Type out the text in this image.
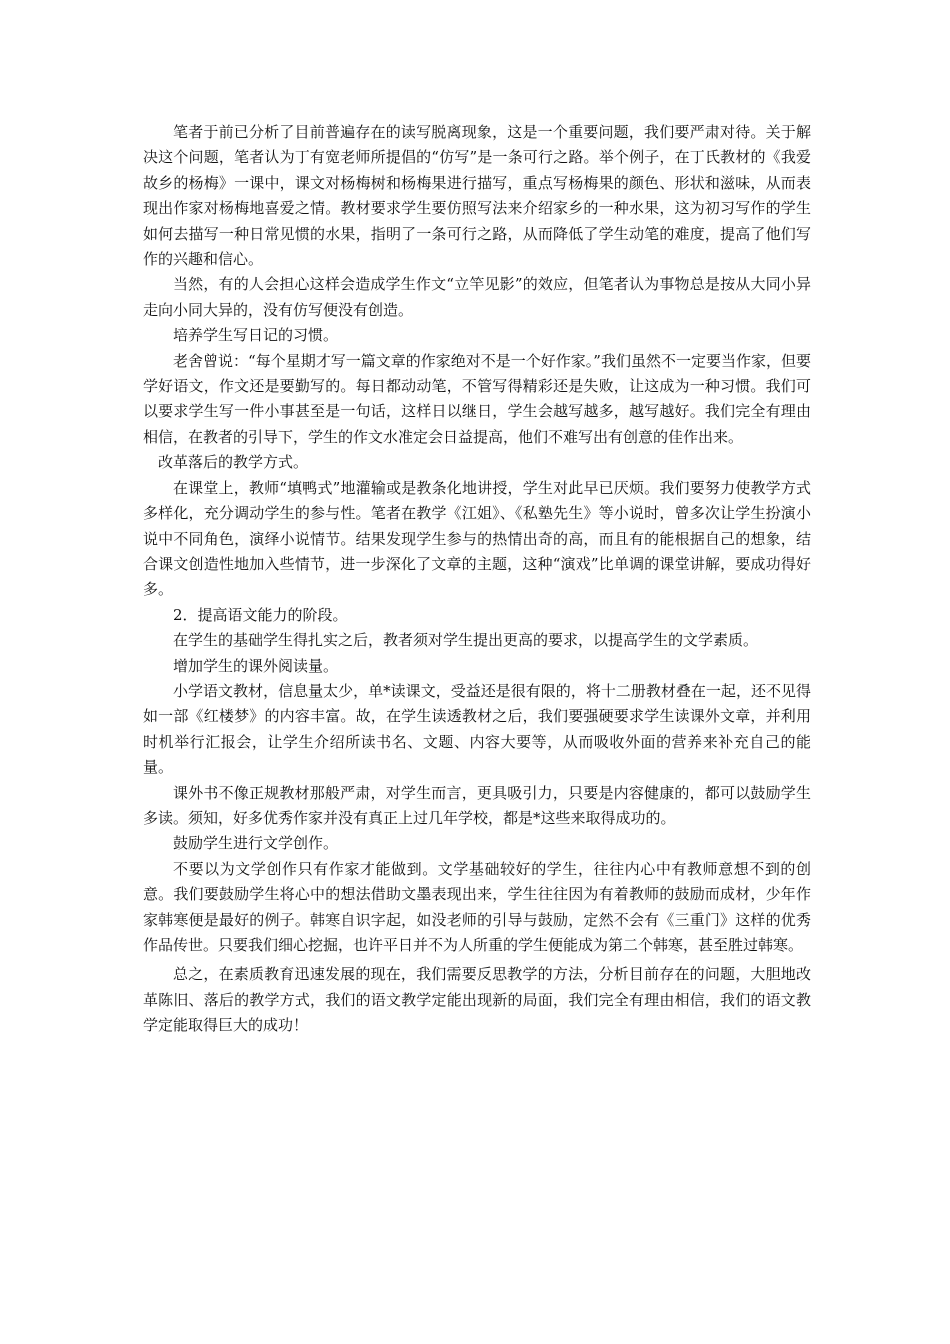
笔者于前已分析了目前普遍存在的读写脱离现象，这是一个重要问题，我们要严肃对待。关于解决这个问题，笔者认为丁有宽老师所提倡的“仿写”是一条可行之路。举个例子，在丁氏教材的《我爱故乡的杨梅》一课中，课文对杨梅树和杨梅果进行描写，重点写杨梅果的颜色、形状和滋味，从而表现出作家对杨梅地喜爱之情。教材要求学生要仿照写法来介绍家乡的一种水果，这为初习写作的学生如何去描写一种日常见惯的水果，指明了一条可行之路，从而降低了学生动笔的难度，提高了他们写作的兴趣和信心。

当然，有的人会担心这样会造成学生作文“立竿见影”的效应，但笔者认为事物总是按从大同小异走向小同大异的，没有仿写便没有创造。

培养学生写日记的习惯。

老舍曾说：“每个星期才写一篇文章的作家绝对不是一个好作家。”我们虽然不一定要当作家，但要学好语文，作文还是要勤写的。每日都动动笔，不管写得精彩还是失败，让这成为一种习惯。我们可以要求学生写一件小事甚至是一句话，这样日以继日，学生会越写越多，越写越好。我们完全有理由相信，在教者的引导下，学生的作文水准定会日益提高，他们不难写出有创意的佳作出来。

改革落后的教学方式。

在课堂上，教师“填鸭式”地灌输或是教条化地讲授，学生对此早已厌烦。我们要努力使教学方式多样化，充分调动学生的参与性。笔者在教学《江姐》、《私塾先生》等小说时，曾多次让学生扮演小说中不同角色，演绎小说情节。结果发现学生参与的热情出奇的高，而且有的能根据自己的想象，结合课文创造性地加入些情节，进一步深化了文章的主题，这种“演戏”比单调的课堂讲解，要成功得好多。

2．提高语文能力的阶段。

在学生的基础学生得扎实之后，教者须对学生提出更高的要求，以提高学生的文学素质。

增加学生的课外阅读量。

小学语文教材，信息量太少，单*读课文，受益还是很有限的，将十二册教材叠在一起，还不见得如一部《红楼梦》的内容丰富。故，在学生读透教材之后，我们要强硬要求学生读课外文章，并利用时机举行汇报会，让学生介绍所读书名、文题、内容大要等，从而吸收外面的营养来补充自己的能量。

课外书不像正规教材那般严肃，对学生而言，更具吸引力，只要是内容健康的，都可以鼓励学生多读。须知，好多优秀作家并没有真正上过几年学校，都是*这些来取得成功的。

鼓励学生进行文学创作。

不要以为文学创作只有作家才能做到。文学基础较好的学生，往往内心中有教师意想不到的创意。我们要鼓励学生将心中的想法借助文墨表现出来，学生往往因为有着教师的鼓励而成材，少年作家韩寒便是最好的例子。韩寒自识字起，如没老师的引导与鼓励，定然不会有《三重门》这样的优秀作品传世。只要我们细心挖掘，也许平日并不为人所重的学生便能成为第二个韩寒，甚至胜过韩寒。

总之，在素质教育迅速发展的现在，我们需要反思教学的方法，分析目前存在的问题，大胆地改革陈旧、落后的教学方式，我们的语文教学定能出现新的局面，我们完全有理由相信，我们的语文教学定能取得巨大的成功！
